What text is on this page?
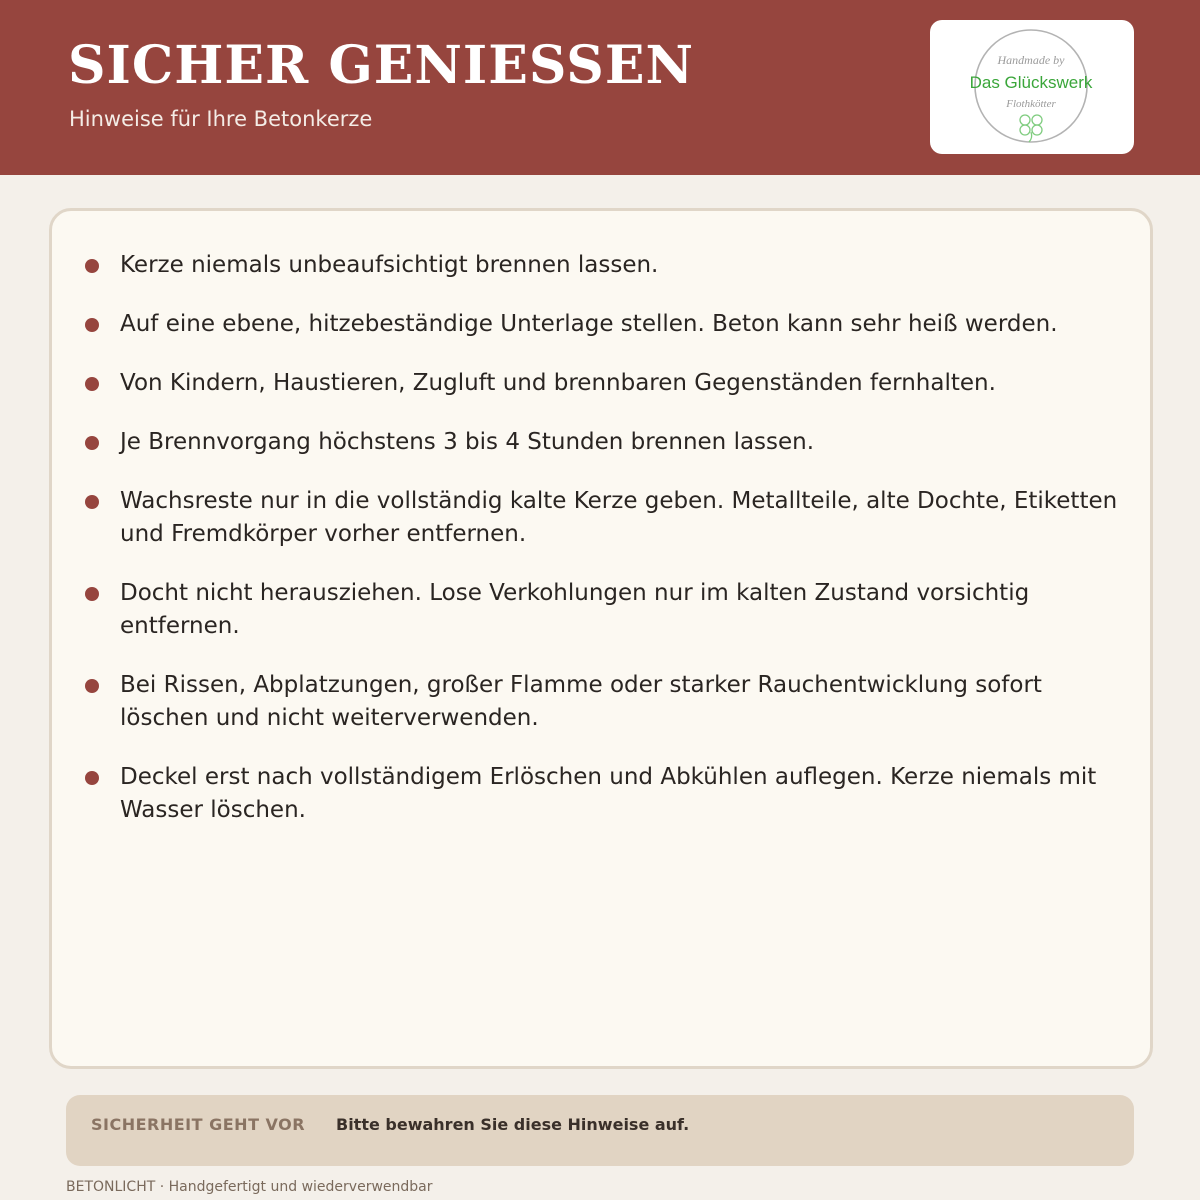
SICHER GENIESSEN
Hinweise für Ihre Betonkerze
Handmade by
Das Glückswerk
Flothkötter
Kerze niemals unbeaufsichtigt brennen lassen.
Auf eine ebene, hitzebeständige Unterlage stellen. Beton kann sehr heiß werden.
Von Kindern, Haustieren, Zugluft und brennbaren Gegenständen fernhalten.
Je Brennvorgang höchstens 3 bis 4 Stunden brennen lassen.
Wachsreste nur in die vollständig kalte Kerze geben. Metallteile, alte Dochte, Etiketten und Fremdkörper vorher entfernen.
Docht nicht herausziehen. Lose Verkohlungen nur im kalten Zustand vorsichtig entfernen.
Bei Rissen, Abplatzungen, großer Flamme oder starker Rauchentwicklung sofort löschen und nicht weiterverwenden.
Deckel erst nach vollständigem Erlöschen und Abkühlen auflegen. Kerze niemals mit Wasser löschen.
SICHERHEIT GEHT VOR Bitte bewahren Sie diese Hinweise auf.
BETONLICHT · Handgefertigt und wiederverwendbar
